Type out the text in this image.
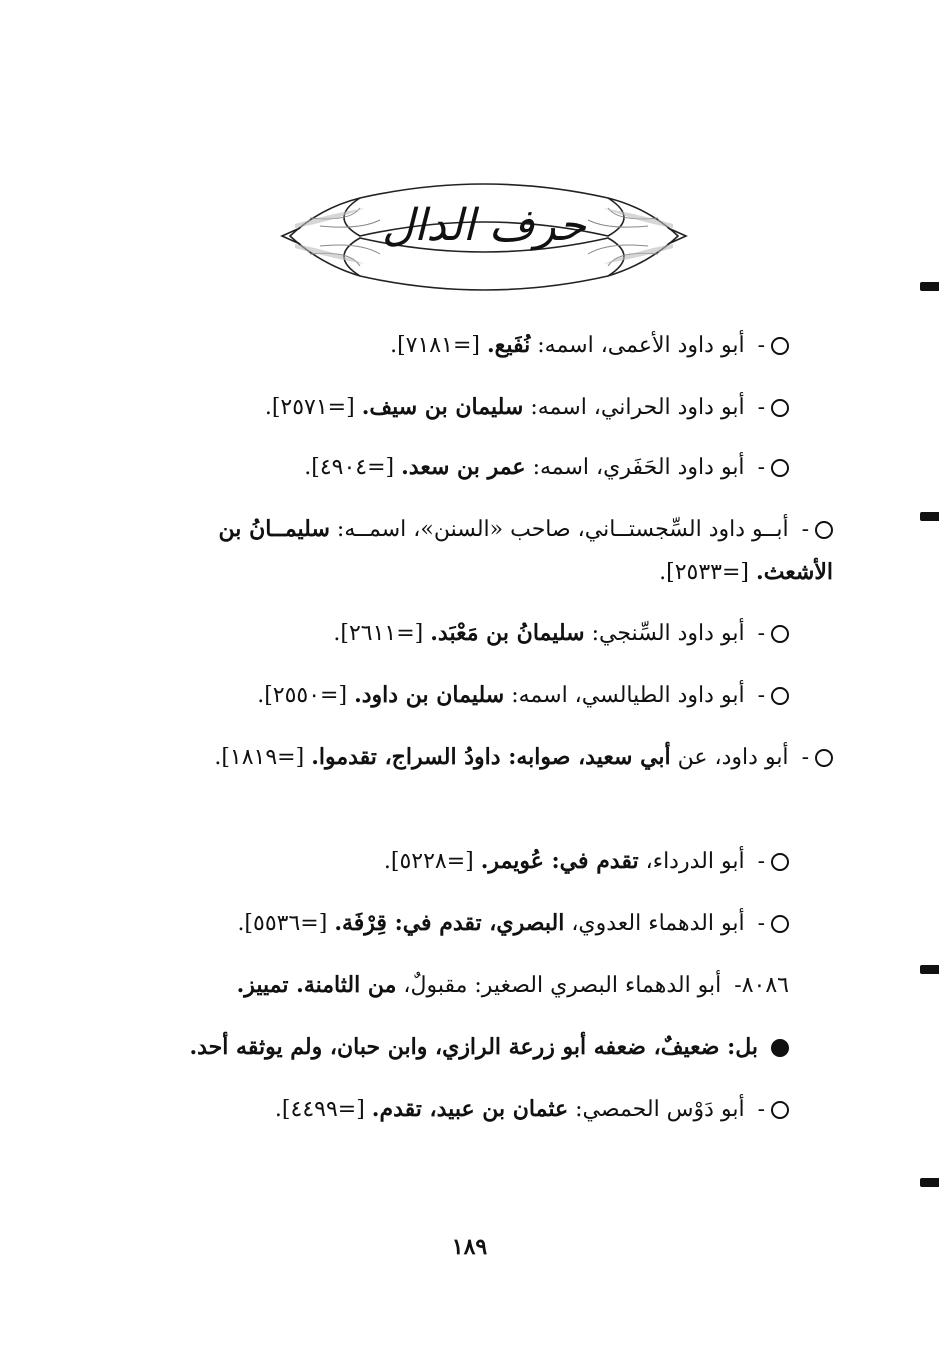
حرف الدال
- أبو داود الأعمى، اسمه: نُفَيع. [=٧١٨١].
- أبو داود الحراني، اسمه: سليمان بن سيف. [=٢٥٧١].
- أبو داود الحَفَري، اسمه: عمر بن سعد. [=٤٩٠٤].
- أبــو داود السِّجستــاني، صاحب «السنن»، اسمــه: سليمــانُ بن الأشعث. [=٢٥٣٣].
- أبو داود السِّنجي: سليمانُ بن مَعْبَد. [=٢٦١١].
- أبو داود الطيالسي، اسمه: سليمان بن داود. [=٢٥٥٠].
- أبو داود، عن أبي سعيد، صوابه: داودُ السراج، تقدموا. [=١٨١٩].
- أبو الدرداء، تقدم في: عُويمر. [=٥٢٢٨].
- أبو الدهماء العدوي، البصري، تقدم في: قِرْفَة. [=٥٥٣٦].
٨٠٨٦- أبو الدهماء البصري الصغير: مقبولٌ، من الثامنة. تمييز.
بل: ضعيفٌ، ضعفه أبو زرعة الرازي، وابن حبان، ولم يوثقه أحد.
- أبو دَوْس الحمصي: عثمان بن عبيد، تقدم. [=٤٤٩٩].
١٨٩
